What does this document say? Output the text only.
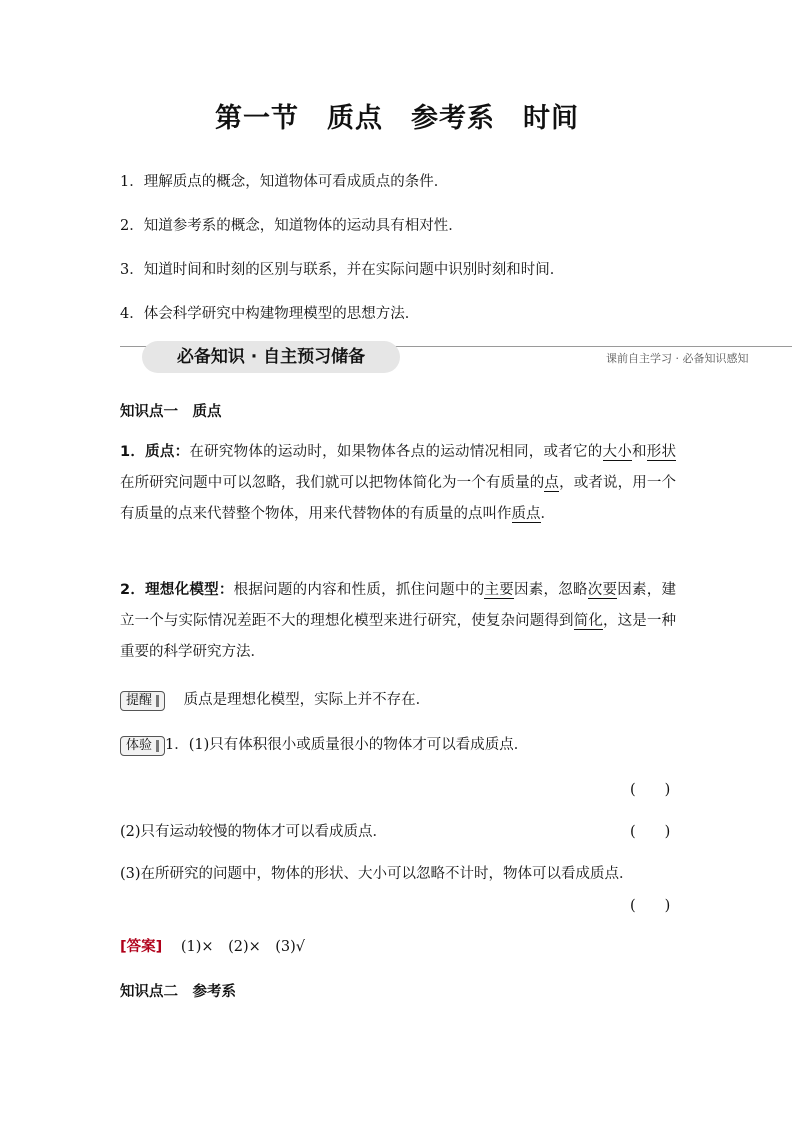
第一节　质点　参考系　时间
1．理解质点的概念，知道物体可看成质点的条件．
2．知道参考系的概念，知道物体的运动具有相对性．
3．知道时间和时刻的区别与联系，并在实际问题中识别时刻和时间．
4．体会科学研究中构建物理模型的思想方法．
必备知识 · 自主预习储备	课前自主学习 · 必备知识感知
知识点一　质点
1．质点：在研究物体的运动时，如果物体各点的运动情况相同，或者它的大小和形状在所研究问题中可以忽略，我们就可以把物体简化为一个有质量的点，或者说，用一个有质量的点来代替整个物体，用来代替物体的有质量的点叫作质点．
2．理想化模型：根据问题的内容和性质，抓住问题中的主要因素，忽略次要因素，建立一个与实际情况差距不大的理想化模型来进行研究，使复杂问题得到简化，这是一种重要的科学研究方法．
提醒 质点是理想化模型，实际上并不存在．
体验 1．(1)只有体积很小或质量很小的物体才可以看成质点．
(　　)
(2)只有运动较慢的物体才可以看成质点．	(　　)
(3)在所研究的问题中，物体的形状、大小可以忽略不计时，物体可以看成质点．
(　　)
[答案] (1)×　(2)×　(3)√
知识点二　参考系
